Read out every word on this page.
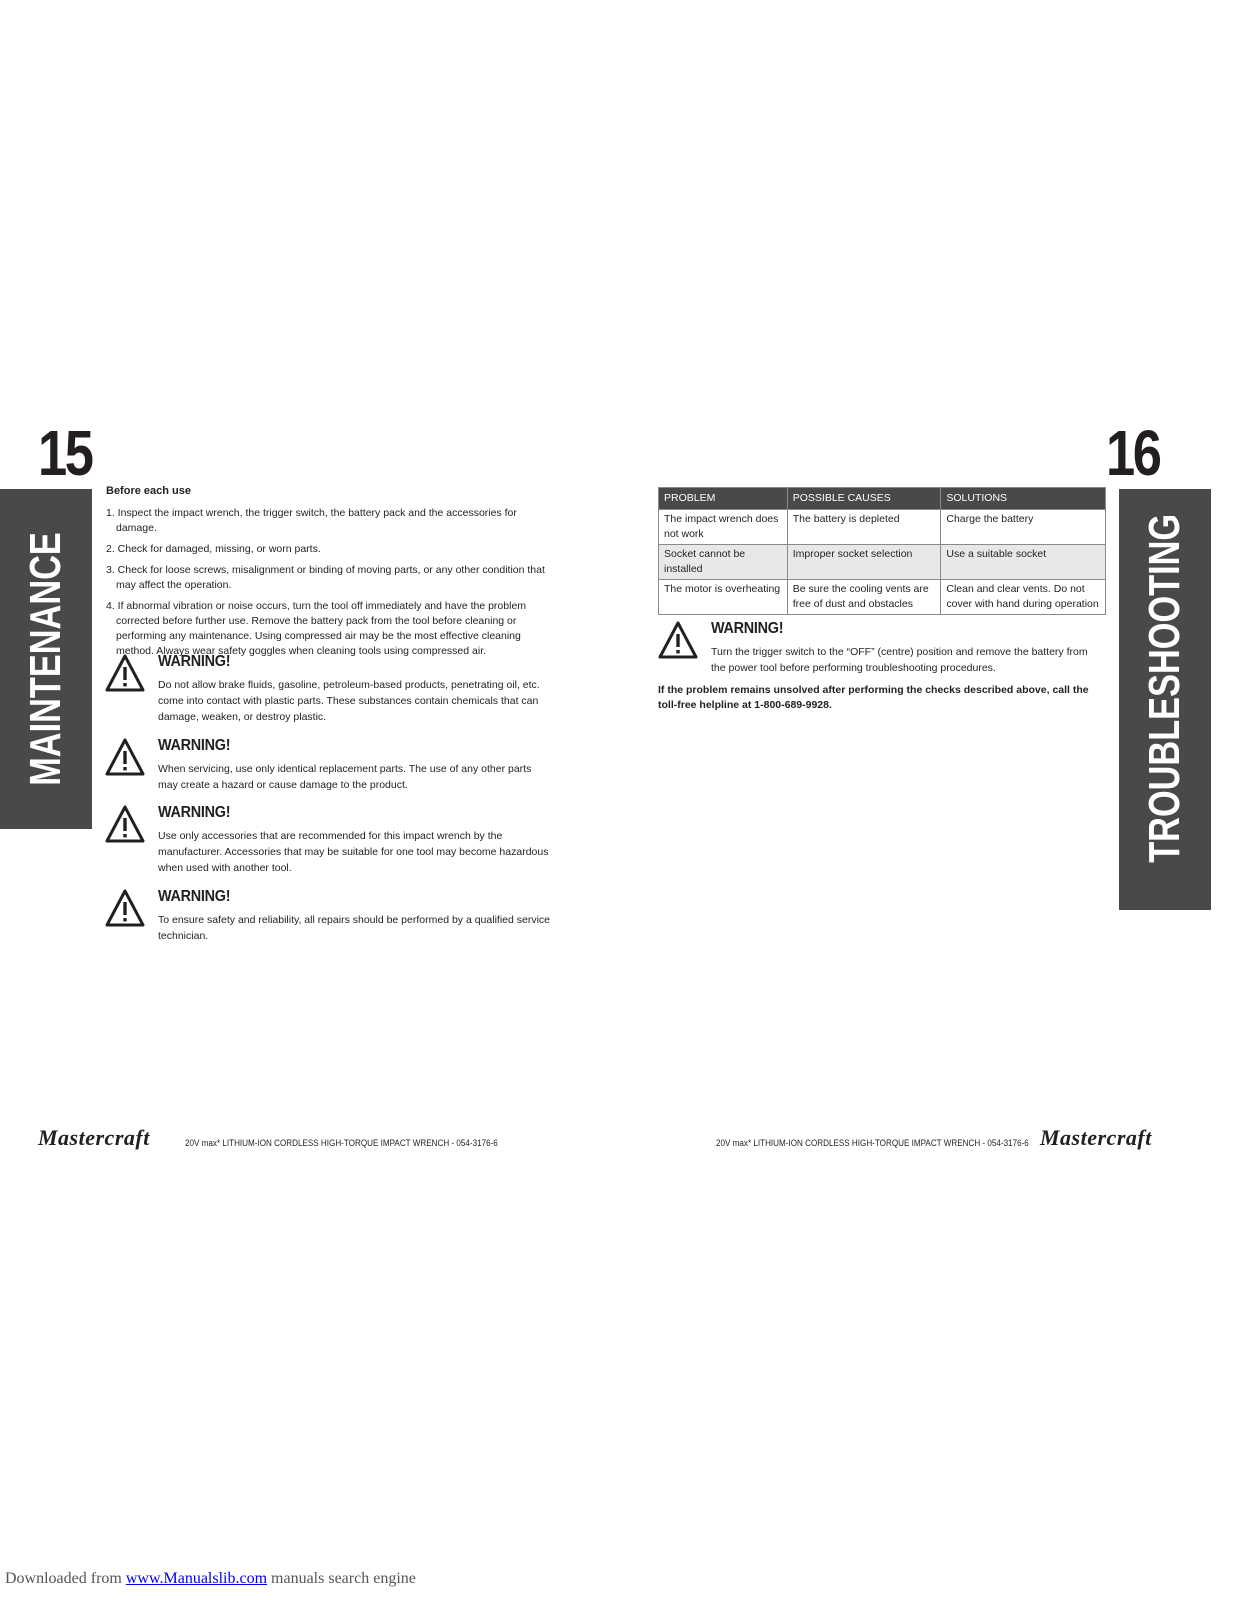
15
MAINTENANCE
Before each use
1. Inspect the impact wrench, the trigger switch, the battery pack and the accessories for damage.
2. Check for damaged, missing, or worn parts.
3. Check for loose screws, misalignment or binding of moving parts, or any other condition that may affect the operation.
4. If abnormal vibration or noise occurs, turn the tool off immediately and have the problem corrected before further use. Remove the battery pack from the tool before cleaning or performing any maintenance. Using compressed air may be the most effective cleaning method. Always wear safety goggles when cleaning tools using compressed air.
WARNING!
Do not allow brake fluids, gasoline, petroleum-based products, penetrating oil, etc. come into contact with plastic parts. These substances contain chemicals that can damage, weaken, or destroy plastic.
WARNING!
When servicing, use only identical replacement parts. The use of any other parts may create a hazard or cause damage to the product.
WARNING!
Use only accessories that are recommended for this impact wrench by the manufacturer. Accessories that may be suitable for one tool may become hazardous when used with another tool.
WARNING!
To ensure safety and reliability, all repairs should be performed by a qualified service technician.
Mastercraft	20V max* LITHIUM-ION CORDLESS HIGH-TORQUE IMPACT WRENCH - 054-3176-6
16
TROUBLESHOOTING
PROBLEM	POSSIBLE CAUSES	SOLUTIONS
The impact wrench does not work	The battery is depleted	Charge the battery
Socket cannot be installed	Improper socket selection	Use a suitable socket
The motor is overheating	Be sure the cooling vents are free of dust and obstacles	Clean and clear vents. Do not cover with hand during operation
WARNING!
Turn the trigger switch to the “OFF” (centre) position and remove the battery from the power tool before performing troubleshooting procedures.
If the problem remains unsolved after performing the checks described above, call the toll-free helpline at 1-800-689-9928.
20V max* LITHIUM-ION CORDLESS HIGH-TORQUE IMPACT WRENCH - 054-3176-6 Mastercraft
Downloaded from www.Manualslib.com manuals search engine
